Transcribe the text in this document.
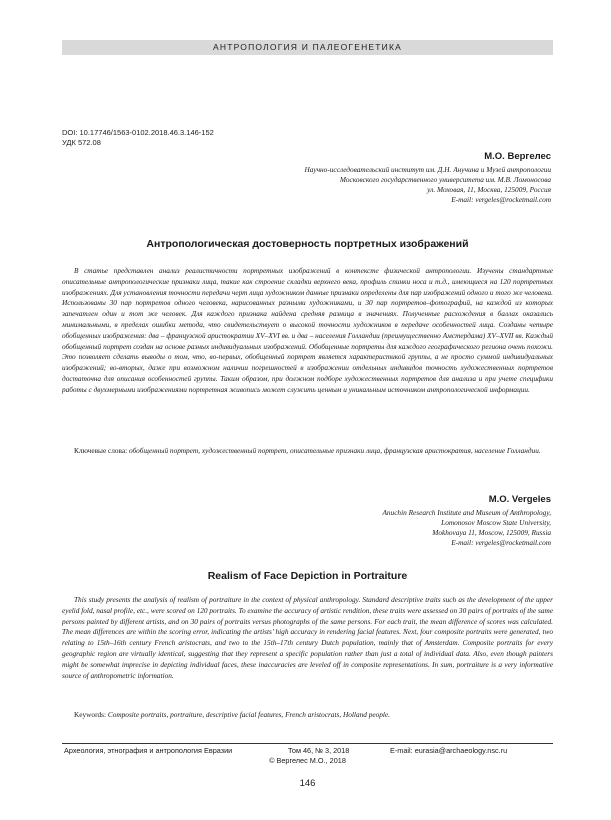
АНТРОПОЛОГИЯ И ПАЛЕОГЕНЕТИКА
DOI: 10.17746/1563-0102.2018.46.3.146-152
УДК 572.08
М.О. Вергелес
Научно-исследовательский институт им. Д.Н. Анучина и Музей антропологии
Московского государственного университета им. М.В. Ломоносова
ул. Моховая, 11, Москва, 125009, Россия
E-mail: vergeles@rocketmail.com
Антропологическая достоверность портретных изображений

В статье представлен анализ реалистичности портретных изображений в контексте физической антропологии. Изучены стандартные описательные антропологические признаки лица, такие как строение складки верхнего века, профиль спинки носа и т.д., имеющиеся на 120 портретных изображениях. Для установления точности передачи черт лица художником данные признаки определены для пар изображений одного и того же человека. Использованы 30 пар портретов одного человека, нарисованных разными художниками, и 30 пар портретов–фотографий, на каждой из которых запечатлен один и тот же человек. Для каждого признака найдена средняя разница в значениях. Полученные расхождения в баллах оказались минимальными, в пределах ошибки метода, что свидетельствует о высокой точности художников в передаче особенностей лица. Созданы четыре обобщенных изображения: два – французской аристократии XV–XVI вв. и два – населения Голландии (преимущественно Амстердама) XV–XVII вв. Каждый обобщенный портрет создан на основе разных индивидуальных изображений. Обобщенные портреты для каждого географического региона очень похожи. Это позволяет сделать выводы о том, что, во-первых, обобщенный портрет является характеристикой группы, а не просто суммой индивидуальных изображений; во-вторых, даже при возможном наличии погрешностей в изображении отдельных индивидов точность художественных портретов достаточна для описания особенностей группы. Таким образом, при должном подборе художественных портретов для анализа и при учете специфики работы с двухмерными изображениями портретная живопись может служить ценным и уникальным источником антропологической информации.

Ключевые слова: обобщенный портрет, художественный портрет, описательные признаки лица, французская аристократия, население Голландии.

M.O. Vergeles
Anuchin Research Institute and Museum of Anthropology,
Lomonosov Moscow State University,
Mokhovaya 11, Moscow, 125009, Russia
E-mail: vergeles@rocketmail.com
Realism of Face Depiction in Portraiture

This study presents the analysis of realism of portraiture in the context of physical anthropology. Standard descriptive traits such as the development of the upper eyelid fold, nasal profile, etc., were scored on 120 portraits. To examine the accuracy of artistic rendition, these traits were assessed on 30 pairs of portraits of the same persons painted by different artists, and on 30 pairs of portraits versus photographs of the same persons. For each trait, the mean difference of scores was calculated. The mean differences are within the scoring error, indicating the artists’ high accuracy in rendering facial features. Next, four composite portraits were generated, two relating to 15th–16th century French aristocrats, and two to the 15th–17th century Dutch population, mainly that of Amsterdam. Composite portraits for every geographic region are virtually identical, suggesting that they represent a specific population rather than just a total of individual data. Also, even though painters might be somewhat imprecise in depicting individual faces, these inaccuracies are leveled off in composite representations. In sum, portraiture is a very informative source of anthropometric information.

Keywords: Composite portraits, portraiture, descriptive facial features, French aristocrats, Holland people.

Археология, этнография и антропология Евразии	Том 46, № 3, 2018	E-mail: eurasia@archaeology.nsc.ru
© Вергелес М.О., 2018
146
